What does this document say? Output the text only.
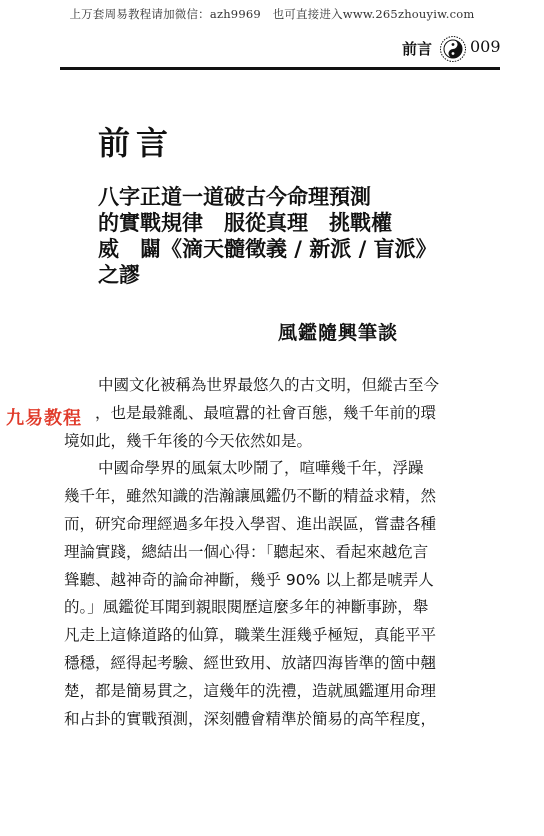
上万套周易教程请加微信：azh9969　也可直接进入www.265zhouyiw.com
前言 009
前言
八字正道一道破古今命理預測
的實戰規律　服從真理　挑戰權
威　闢《滴天髓徵義 / 新派 / 盲派》
之謬
風鑑隨興筆談
九易教程
中國文化被稱為世界最悠久的古文明，但縱古至今
　　，也是最雜亂、最喧囂的社會百態，幾千年前的環
境如此，幾千年後的今天依然如是。
中國命學界的風氣太吵鬧了，喧嘩幾千年，浮躁
幾千年，雖然知識的浩瀚讓風鑑仍不斷的精益求精，然
而，研究命理經過多年投入學習、進出誤區，嘗盡各種
理論實踐，總結出一個心得：「聽起來、看起來越危言
聳聽、越神奇的論命神斷，幾乎 90% 以上都是唬弄人
的。」風鑑從耳聞到親眼閱歷這麼多年的神斷事跡，舉
凡走上這條道路的仙算，職業生涯幾乎極短，真能平平
穩穩，經得起考驗、經世致用、放諸四海皆準的箇中翹
楚，都是簡易貫之，這幾年的洗禮，造就風鑑運用命理
和占卦的實戰預測，深刻體會精準於簡易的高竿程度，
